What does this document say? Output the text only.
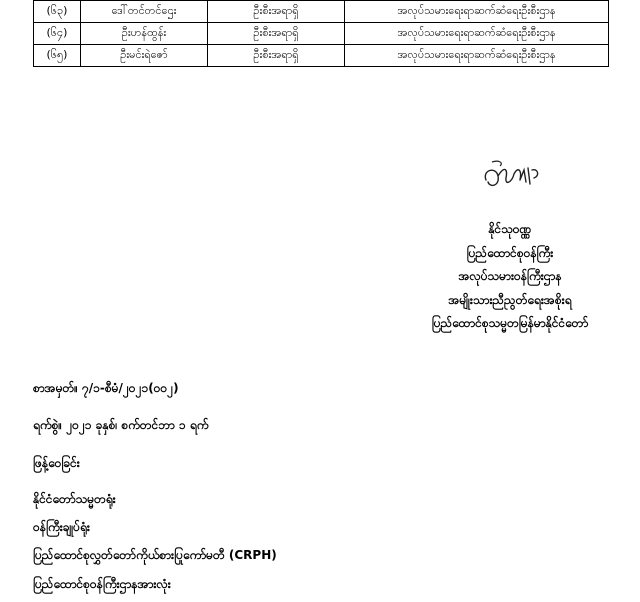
(၆၃)	ဒေါ်တင်တင်ဌေး	ဦးစီးအရာရှိ	အလုပ်သမားရေးရာဆက်ဆံရေးဦးစီးဌာန
(၆၄)	ဦးဟန်ထွန်း	ဦးစီးအရာရှိ	အလုပ်သမားရေးရာဆက်ဆံရေးဦးစီးဌာန
(၆၅)	ဦးမင်းရဲဇော်	ဦးစီးအရာရှိ	အလုပ်သမားရေးရာဆက်ဆံရေးဦးစီးဌာန
နိုင်သုဝဏ္ဏ
ပြည်ထောင်စုဝန်ကြီး
အလုပ်သမားဝန်ကြီးဌာန
အမျိုးသားညီညွတ်ရေးအစိုးရ
ပြည်ထောင်စုသမ္မတမြန်မာနိုင်ငံတော်
စာအမှတ်။ ၇/၁-စီမံ/၂၀၂၁(၀၀၂)
ရက်စွဲ။ ၂၀၂၁ ခုနှစ်၊ စက်တင်ဘာ ၁ ရက်
ဖြန့်ဝေခြင်း
နိုင်ငံတော်သမ္မတရုံး
ဝန်ကြီးချုပ်ရုံး
ပြည်ထောင်စုလွှတ်တော်ကိုယ်စားပြုကော်မတီ (CRPH)
ပြည်ထောင်စုဝန်ကြီးဌာနအားလုံး
